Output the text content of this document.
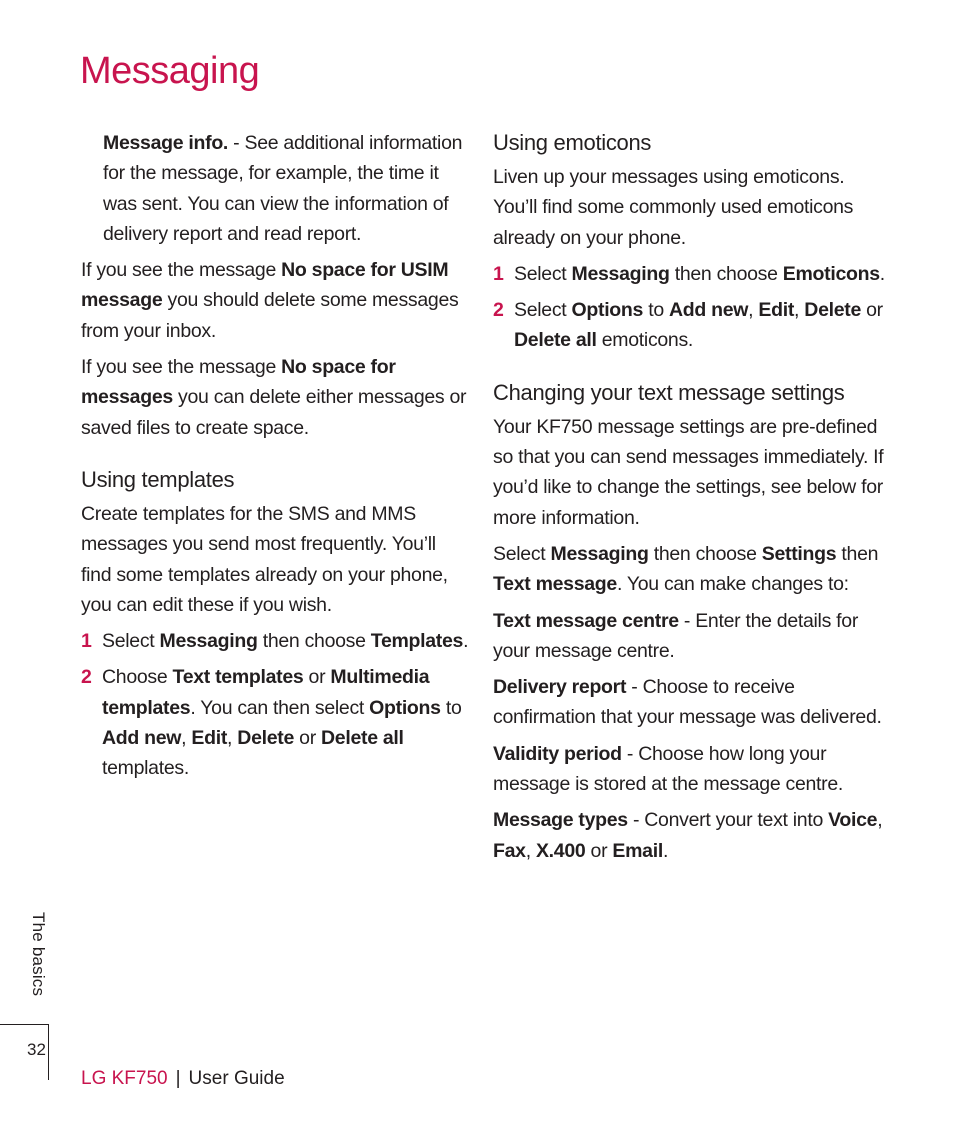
Messaging

Message info. - See additional information for the message, for example, the time it was sent. You can view the information of delivery report and read report.

If you see the message No space for USIM message you should delete some messages from your inbox.

If you see the message No space for messages you can delete either messages or saved files to create space.

Using templates

Create templates for the SMS and MMS messages you send most frequently. You’ll find some templates already on your phone, you can edit these if you wish.

1 Select Messaging then choose Templates.

2 Choose Text templates or Multimedia templates. You can then select Options to Add new, Edit, Delete or Delete all templates.

Using emoticons

Liven up your messages using emoticons. You’ll find some commonly used emoticons already on your phone.

1 Select Messaging then choose Emoticons.

2 Select Options to Add new, Edit, Delete or Delete all emoticons.

Changing your text message settings

Your KF750 message settings are pre-defined so that you can send messages immediately. If you’d like to change the settings, see below for more information.

Select Messaging then choose Settings then Text message. You can make changes to:

Text message centre - Enter the details for your message centre.

Delivery report - Choose to receive confirmation that your message was delivered.

Validity period - Choose how long your message is stored at the message centre.

Message types - Convert your text into Voice, Fax, X.400 or Email.

The basics
32
LG KF750 | User Guide
